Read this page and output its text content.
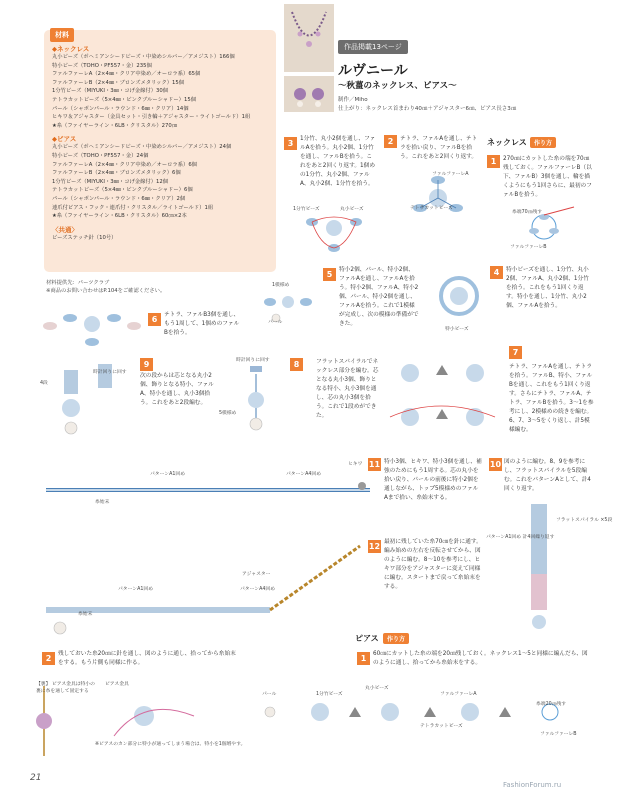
材料
◆ネックレス
丸小ビーズ（ボヘミアンシードビーズ・中染めシルバー／アメジスト）166個
特小ビーズ（TOHO・PF557・金）235個
ファルファーレA（2×4㎜・クリア中染め／オーロラ系）65個
ファルファーレB（2×4㎜・ブロンズメタリック）15個
1分竹ビーズ（MIYUKI・3㎜・コげ金線付）30個
テトラカットビーズ（5×4㎜・ピンクブルーシャドー）15個
パール（シャボンパール・ラウンド・6㎜・クリア）14個
ヒキワ＆アジャスター（金具セット・引き輪＋アジャスター・ライトゴールド）1組
★糸（ファイヤーライン・6LB・クリスタル）270㎝
◆ピアス
丸小ビーズ（ボヘミアンシードビーズ・中染めシルバー／アメジスト）24個
特小ビーズ（TOHO・PF557・金）24個
ファルファーレA（2×4㎜・クリア中染め／オーロラ系）6個
ファルファーレB（2×4㎜・ブロンズメタリック）6個
1分竹ビーズ（MIYUKI・3㎜・コげ金線付）12個
テトラカットビーズ（5×4㎜・ピンクブルーシャドー）6個
パール（シャボンパール・ラウンド・6㎜・クリア）2個
連爪付ピアス・フック・連爪付・クリスタル／ライトゴールド）1組
★糸（ファイヤーライン・6LB・クリスタル）60㎝×2本
〈共通〉
ビーズステッチ針（10号）
材料提供先：パーツクラブ
※商品のお問い合わせはP.104をご確認ください。
作品掲載13ページ
ルヴニール
～秋薑のネックレス、ピアス～
制作／Miho
仕上がり：ネックレス首まわり40㎝＋アジャスター6㎝、ピアス長さ3㎝
ネックレス	作り方
1	270㎝にカットした糸の端を70㎝残しておく。ファルファーレB（以下、ファルB）3個を通し、輪を描くようにもう1回さらに、最初のファルBを拾う。
糸端70㎝残す
ファルファーレB
2	テトラ、ファルAを通し、テトラを拾い戻り、ファルBを拾う。これをあと2回くり返す。
ファルファーレA
テトラカットビーズ
3	1分竹、丸小2個を通し、ファルAを拾う。丸小2個、1分竹を通し、ファルBを拾う。これをあと2回くり返す。1個めの1分竹、丸小2個、ファルA、丸小2個、1分竹を拾う。
1分竹ビーズ	丸小ビーズ
4	特小ビーズを通し、1分竹、丸小2個、ファルA、丸小2個、1分竹を拾う。これをもう1回くり返す。特小を通し、1分竹、丸小2個、ファルAを拾う。
特小ビーズ
5	特小2個、パール、特小2個、ファルAを通し、ファルAを拾う。特小2個、ファルA、特小2個、パール、特小2個を通し、ファルAを拾う。これで1模様が完成し、次の模様の準備ができた。
1模様め
パール
6	テトラ、ファルB3個を通し、もう1周して、1個めのファルBを拾う。
7
テトラ、ファルAを通し、テトラを拾う。ファルB、特小、ファルBを通し、これをもう1回くり返す。さらにテトラ、ファルA、テトラ、ファルBを拾う。3〜1を参考にし、2模様めの続きを編む。6、7、3〜5をくり返し、計5模様編む。
8	フラットスパイラルでネックレス部分を編む。芯となる丸小3個、飾りとなる特小、丸小3個を通し、芯の丸小3個を拾う。これで1段めができた。
時計回りに回す
5模様め
9
次の段からは芯となる丸小2個、飾りとなる特小、ファルA、特小を通し、丸小3個拾う。これをあと2段編む。
時計回りに回す
4段
10 図のように編む。8、9を参考にし、フラットスパイラルを5段編む。これをパターンAとして、計4回くり返す。
フラットスパイラル ×5段
パターンA1回め 計4回繰り返す
11 特小3個、ヒキワ、特小3個を通し、補強のためにもう1周する。芯の丸小を拾い戻り、パールの前後に特小2個を通しながら、トップ5模様めのファルAまで拾い、糸始末する。
パターンA1回め	パターンA4回め
ヒキワ
糸始末
12 最初に残していた糸70㎝を針に通す。編み始めの左右を反転させてから、図のように編む。8〜10を参考にし、ヒキワ部分をアジャスターに変えて同様に編む。スタートまで戻って糸始末をする。
アジャスター
パターンA1回め	パターンA4回め
糸始末
ピアス	作り方
1	60㎝にカットした糸の端を20㎝残しておく。ネックレス1〜5と同様に編んだら、図のように通し、拾ってから糸始末をする。
パール	1分竹ビーズ
丸小ビーズ
ファルファーレA
テトラカットビーズ
糸端20㎝残す
ファルファーレB
2	残しておいた糸20㎝に針を通し、図のように通し、拾ってから糸始末をする。もう片側も同様に作る。
【裏】 ピアス金具は特小の裏に糸を通して固定する
ピアス金具
※ピアスのカン部分に特小が通ってしまう場合は、特小を1個増やす。
21
FashionForum.ru
